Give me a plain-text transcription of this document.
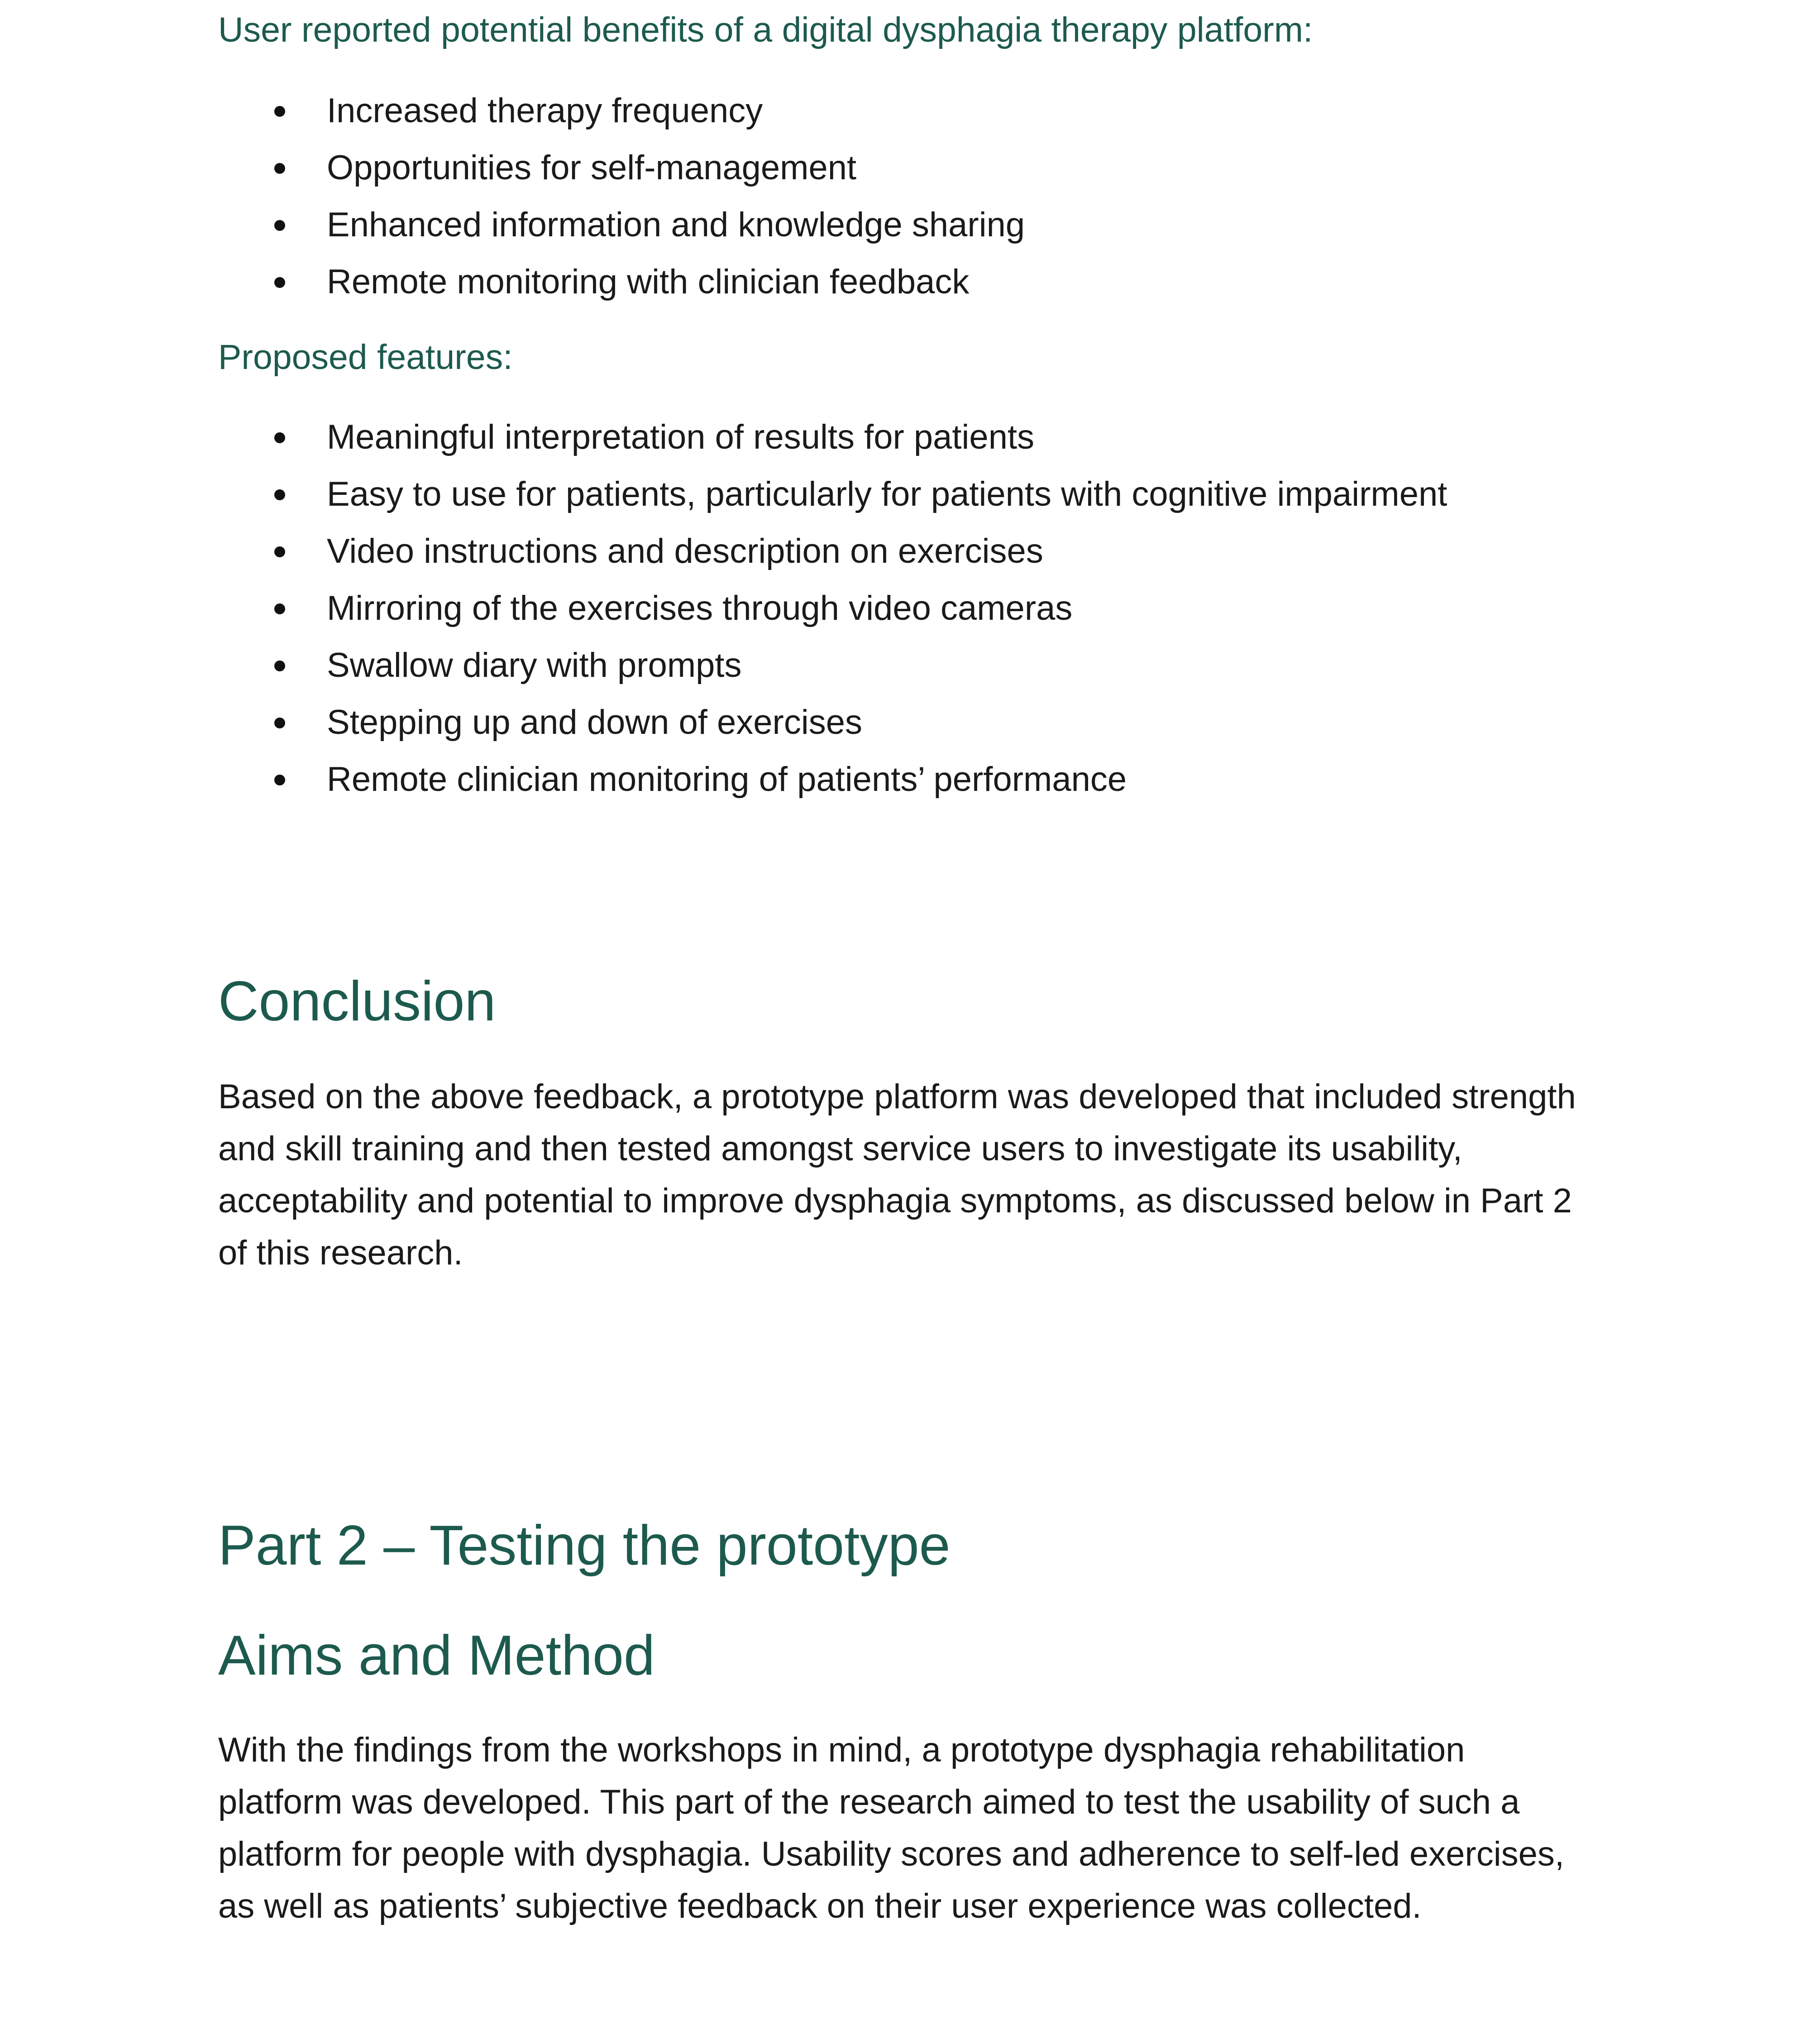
User reported potential benefits of a digital dysphagia therapy platform:
Increased therapy frequency
Opportunities for self-management
Enhanced information and knowledge sharing
Remote monitoring with clinician feedback
Proposed features:
Meaningful interpretation of results for patients
Easy to use for patients, particularly for patients with cognitive impairment
Video instructions and description on exercises
Mirroring of the exercises through video cameras
Swallow diary with prompts
Stepping up and down of exercises
Remote clinician monitoring of patients’ performance
Conclusion

Based on the above feedback, a prototype platform was developed that included strength and skill training and then tested amongst service users to investigate its usability, acceptability and potential to improve dysphagia symptoms, as discussed below in Part 2 of this research.

Part 2 – Testing the prototype
Aims and Method

With the findings from the workshops in mind, a prototype dysphagia rehabilitation platform was developed. This part of the research aimed to test the usability of such a platform for people with dysphagia. Usability scores and adherence to self-led exercises, as well as patients’ subjective feedback on their user experience was collected.
